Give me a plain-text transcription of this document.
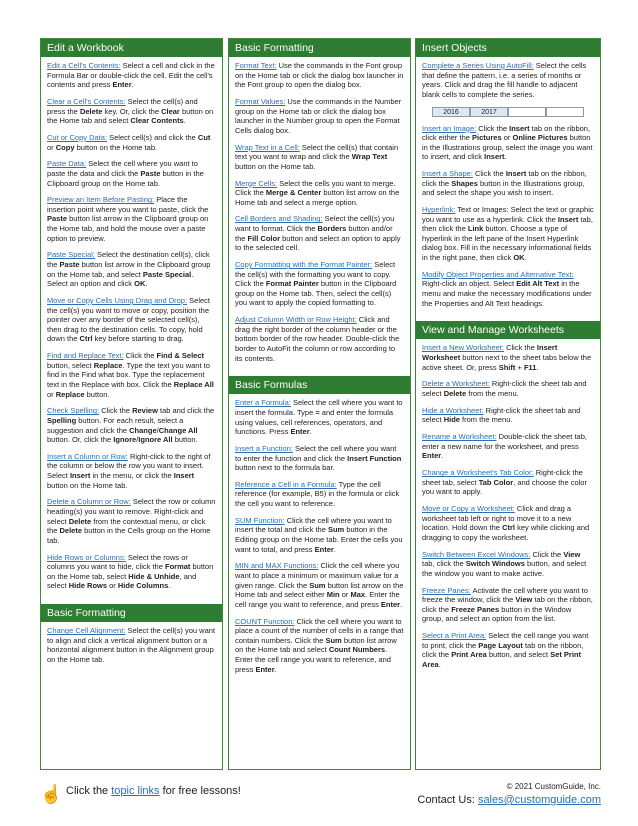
Edit a Workbook
Edit a Cell's Contents: Select a cell and click in the Formula Bar or double-click the cell. Edit the cell's contents and press Enter.
Clear a Cell's Contents: Select the cell(s) and press the Delete key. Or, click the Clear button on the Home tab and select Clear Contents.
Cut or Copy Data: Select cell(s) and click the Cut or Copy button on the Home tab.
Paste Data: Select the cell where you want to paste the data and click the Paste button in the Clipboard group on the Home tab.
Preview an Item Before Pasting: Place the insertion point where you want to paste, click the Paste button list arrow in the Clipboard group on the Home tab, and hold the mouse over a paste option to preview.
Paste Special: Select the destination cell(s), click the Paste button list arrow in the Clipboard group on the Home tab, and select Paste Special. Select an option and click OK.
Move or Copy Cells Using Drag and Drop: Select the cell(s) you want to move or copy, position the pointer over any border of the selected cell(s), then drag to the destination cells. To copy, hold down the Ctrl key before starting to drag.
Find and Replace Text: Click the Find & Select button, select Replace. Type the text you want to find in the Find what box. Type the replacement text in the Replace with box. Click the Replace All or Replace button.
Check Spelling: Click the Review tab and click the Spelling button. For each result, select a suggestion and click the Change/Change All button. Or, click the Ignore/Ignore All button.
Insert a Column or Row: Right-click to the right of the column or below the row you want to insert. Select Insert in the menu, or click the Insert button on the Home tab.
Delete a Column or Row: Select the row or column heading(s) you want to remove. Right-click and select Delete from the contextual menu, or click the Delete button in the Cells group on the Home tab.
Hide Rows or Columns: Select the rows or columns you want to hide, click the Format button on the Home tab, select Hide & Unhide, and select Hide Rows or Hide Columns.
Basic Formatting
Change Cell Alignment: Select the cell(s) you want to align and click a vertical alignment button or a horizontal alignment button in the Alignment group on the Home tab.
Basic Formatting
Format Text: Use the commands in the Font group on the Home tab or click the dialog box launcher in the Font group to open the dialog box.
Format Values: Use the commands in the Number group on the Home tab or click the dialog box launcher in the Number group to open the Format Cells dialog box.
Wrap Text in a Cell: Select the cell(s) that contain text you want to wrap and click the Wrap Text button on the Home tab.
Merge Cells: Select the cells you want to merge. Click the Merge & Center button list arrow on the Home tab and select a merge option.
Cell Borders and Shading: Select the cell(s) you want to format. Click the Borders button and/or the Fill Color button and select an option to apply to the selected cell.
Copy Formatting with the Format Painter: Select the cell(s) with the formatting you want to copy. Click the Format Painter button in the Clipboard group on the Home tab. Then, select the cell(s) you want to apply the copied formatting to.
Adjust Column Width or Row Height: Click and drag the right border of the column header or the bottom border of the row header. Double-click the border to AutoFit the column or row according to its contents.
Basic Formulas
Enter a Formula: Select the cell where you want to insert the formula. Type = and enter the formula using values, cell references, operators, and functions. Press Enter.
Insert a Function: Select the cell where you want to enter the function and click the Insert Function button next to the formula bar.
Reference a Cell in a Formula: Type the cell reference (for example, B5) in the formula or click the cell you want to reference.
SUM Function: Click the cell where you want to insert the total and click the Sum button in the Editing group on the Home tab. Enter the cells you want to total, and press Enter.
MIN and MAX Functions: Click the cell where you want to place a minimum or maximum value for a given range. Click the Sum button list arrow on the Home tab and select either Min or Max. Enter the cell range you want to reference, and press Enter.
COUNT Function: Click the cell where you want to place a count of the number of cells in a range that contain numbers. Click the Sum button list arrow on the Home tab and select Count Numbers. Enter the cell range you want to reference, and press Enter.
Insert Objects
Complete a Series Using AutoFill: Select the cells that define the pattern, i.e. a series of months or years. Click and drag the fill handle to adjacent blank cells to complete the series.
2016	2017
Insert an Image: Click the Insert tab on the ribbon, click either the Pictures or Online Pictures button in the Illustrations group, select the image you want to insert, and click Insert.
Insert a Shape: Click the Insert tab on the ribbon, click the Shapes button in the Illustrations group, and select the shape you wish to insert.
Hyperlink: Text or Images: Select the text or graphic you want to use as a hyperlink. Click the Insert tab, then click the Link button. Choose a type of hyperlink in the left pane of the Insert Hyperlink dialog box. Fill in the necessary informational fields in the right pane, then click OK.
Modify Object Properties and Alternative Text: Right-click an object. Select Edit Alt Text in the menu and make the necessary modifications under the Properties and Alt Text headings.
View and Manage Worksheets
Insert a New Worksheet: Click the Insert Worksheet button next to the sheet tabs below the active sheet. Or, press Shift + F11.
Delete a Worksheet: Right-click the sheet tab and select Delete from the menu.
Hide a Worksheet: Right-click the sheet tab and select Hide from the menu.
Rename a Worksheet: Double-click the sheet tab, enter a new name for the worksheet, and press Enter.
Change a Worksheet's Tab Color: Right-click the sheet tab, select Tab Color, and choose the color you want to apply.
Move or Copy a Worksheet: Click and drag a worksheet tab left or right to move it to a new location. Hold down the Ctrl key while clicking and dragging to copy the worksheet.
Switch Between Excel Windows: Click the View tab, click the Switch Windows button, and select the window you want to make active.
Freeze Panes: Activate the cell where you want to freeze the window, click the View tab on the ribbon, click the Freeze Panes button in the Window group, and select an option from the list.
Select a Print Area: Select the cell range you want to print, click the Page Layout tab on the ribbon, click the Print Area button, and select Set Print Area.
☝ Click the topic links for free lessons!	© 2021 CustomGuide, Inc.
Contact Us: sales@customguide.com
